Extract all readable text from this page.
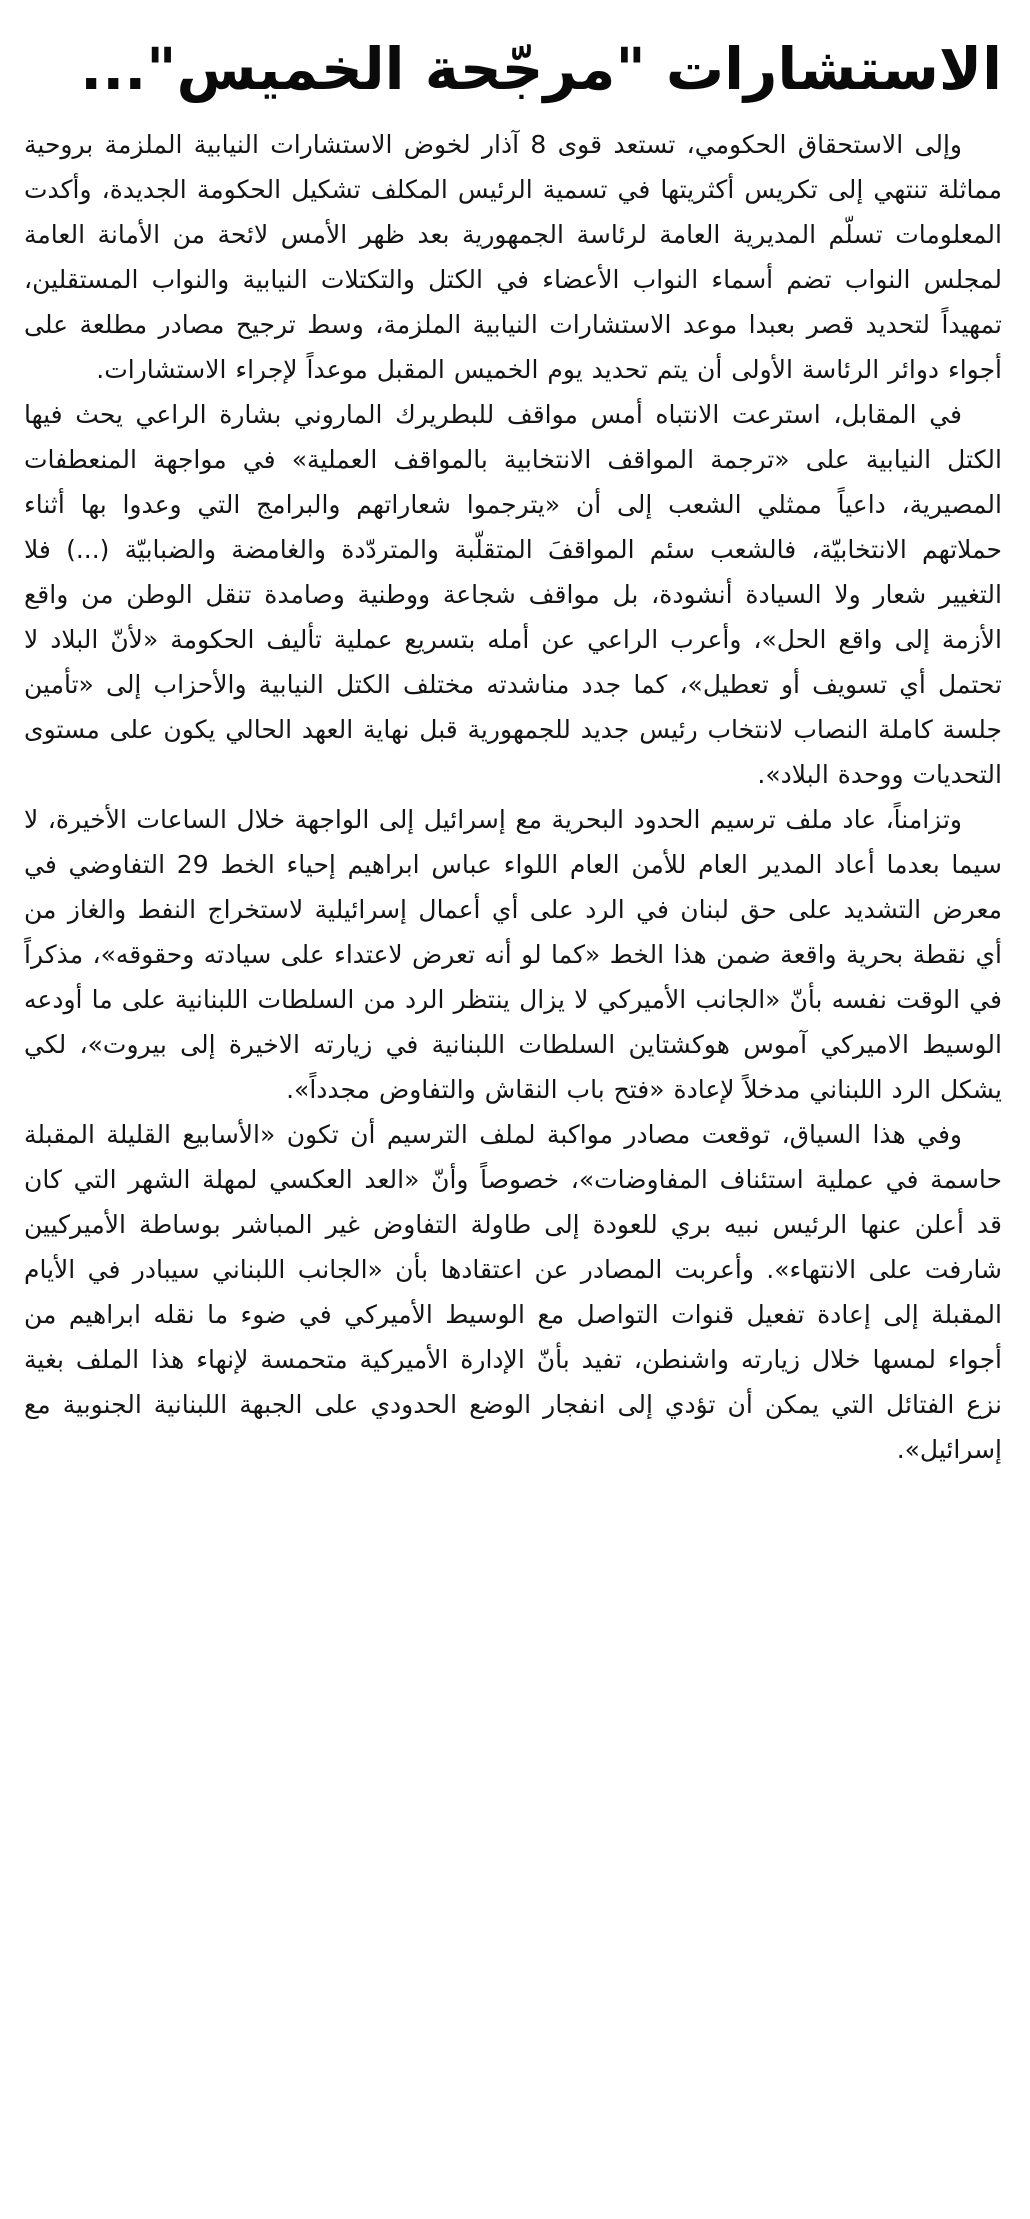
الاستشارات "مرجّحة الخميس"...

وإلى الاستحقاق الحكومي، تستعد قوى 8 آذار لخوض الاستشارات النيابية الملزمة بروحية مماثلة تنتهي إلى تكريس أكثريتها في تسمية الرئيس المكلف تشكيل الحكومة الجديدة، وأكدت المعلومات تسلّم المديرية العامة لرئاسة الجمهورية بعد ظهر الأمس لائحة من الأمانة العامة لمجلس النواب تضم أسماء النواب الأعضاء في الكتل والتكتلات النيابية والنواب المستقلين، تمهيداً لتحديد قصر بعبدا موعد الاستشارات النيابية الملزمة، وسط ترجيح مصادر مطلعة على أجواء دوائر الرئاسة الأولى أن يتم تحديد يوم الخميس المقبل موعداً لإجراء الاستشارات.

في المقابل، استرعت الانتباه أمس مواقف للبطريرك الماروني بشارة الراعي يحث فيها الكتل النيابية على «ترجمة المواقف الانتخابية بالمواقف العملية» في مواجهة المنعطفات المصيرية، داعياً ممثلي الشعب إلى أن «يترجموا شعاراتهم والبرامج التي وعدوا بها أثناء حملاتهم الانتخابيّة، فالشعب سئم المواقفَ المتقلّبة والمتردّدة والغامضة والضبابيّة (...) فلا التغيير شعار ولا السيادة أنشودة، بل مواقف شجاعة ووطنية وصامدة تنقل الوطن من واقع الأزمة إلى واقع الحل»، وأعرب الراعي عن أمله بتسريع عملية تأليف الحكومة «لأنّ البلاد لا تحتمل أي تسويف أو تعطيل»، كما جدد مناشدته مختلف الكتل النيابية والأحزاب إلى «تأمين جلسة كاملة النصاب لانتخاب رئيس جديد للجمهورية قبل نهاية العهد الحالي يكون على مستوى التحديات ووحدة البلاد».

وتزامناً، عاد ملف ترسيم الحدود البحرية مع إسرائيل إلى الواجهة خلال الساعات الأخيرة، لا سيما بعدما أعاد المدير العام للأمن العام اللواء عباس ابراهيم إحياء الخط 29 التفاوضي في معرض التشديد على حق لبنان في الرد على أي أعمال إسرائيلية لاستخراج النفط والغاز من أي نقطة بحرية واقعة ضمن هذا الخط «كما لو أنه تعرض لاعتداء على سيادته وحقوقه»، مذكراً في الوقت نفسه بأنّ «الجانب الأميركي لا يزال ينتظر الرد من السلطات اللبنانية على ما أودعه الوسيط الاميركي آموس هوكشتاين السلطات اللبنانية في زيارته الاخيرة إلى بيروت»، لكي يشكل الرد اللبناني مدخلاً لإعادة «فتح باب النقاش والتفاوض مجدداً».

وفي هذا السياق، توقعت مصادر مواكبة لملف الترسيم أن تكون «الأسابيع القليلة المقبلة حاسمة في عملية استئناف المفاوضات»، خصوصاً وأنّ «العد العكسي لمهلة الشهر التي كان قد أعلن عنها الرئيس نبيه بري للعودة إلى طاولة التفاوض غير المباشر بوساطة الأميركيين شارفت على الانتهاء». وأعربت المصادر عن اعتقادها بأن «الجانب اللبناني سيبادر في الأيام المقبلة إلى إعادة تفعيل قنوات التواصل مع الوسيط الأميركي في ضوء ما نقله ابراهيم من أجواء لمسها خلال زيارته واشنطن، تفيد بأنّ الإدارة الأميركية متحمسة لإنهاء هذا الملف بغية نزع الفتائل التي يمكن أن تؤدي إلى انفجار الوضع الحدودي على الجبهة اللبنانية الجنوبية مع إسرائيل».
